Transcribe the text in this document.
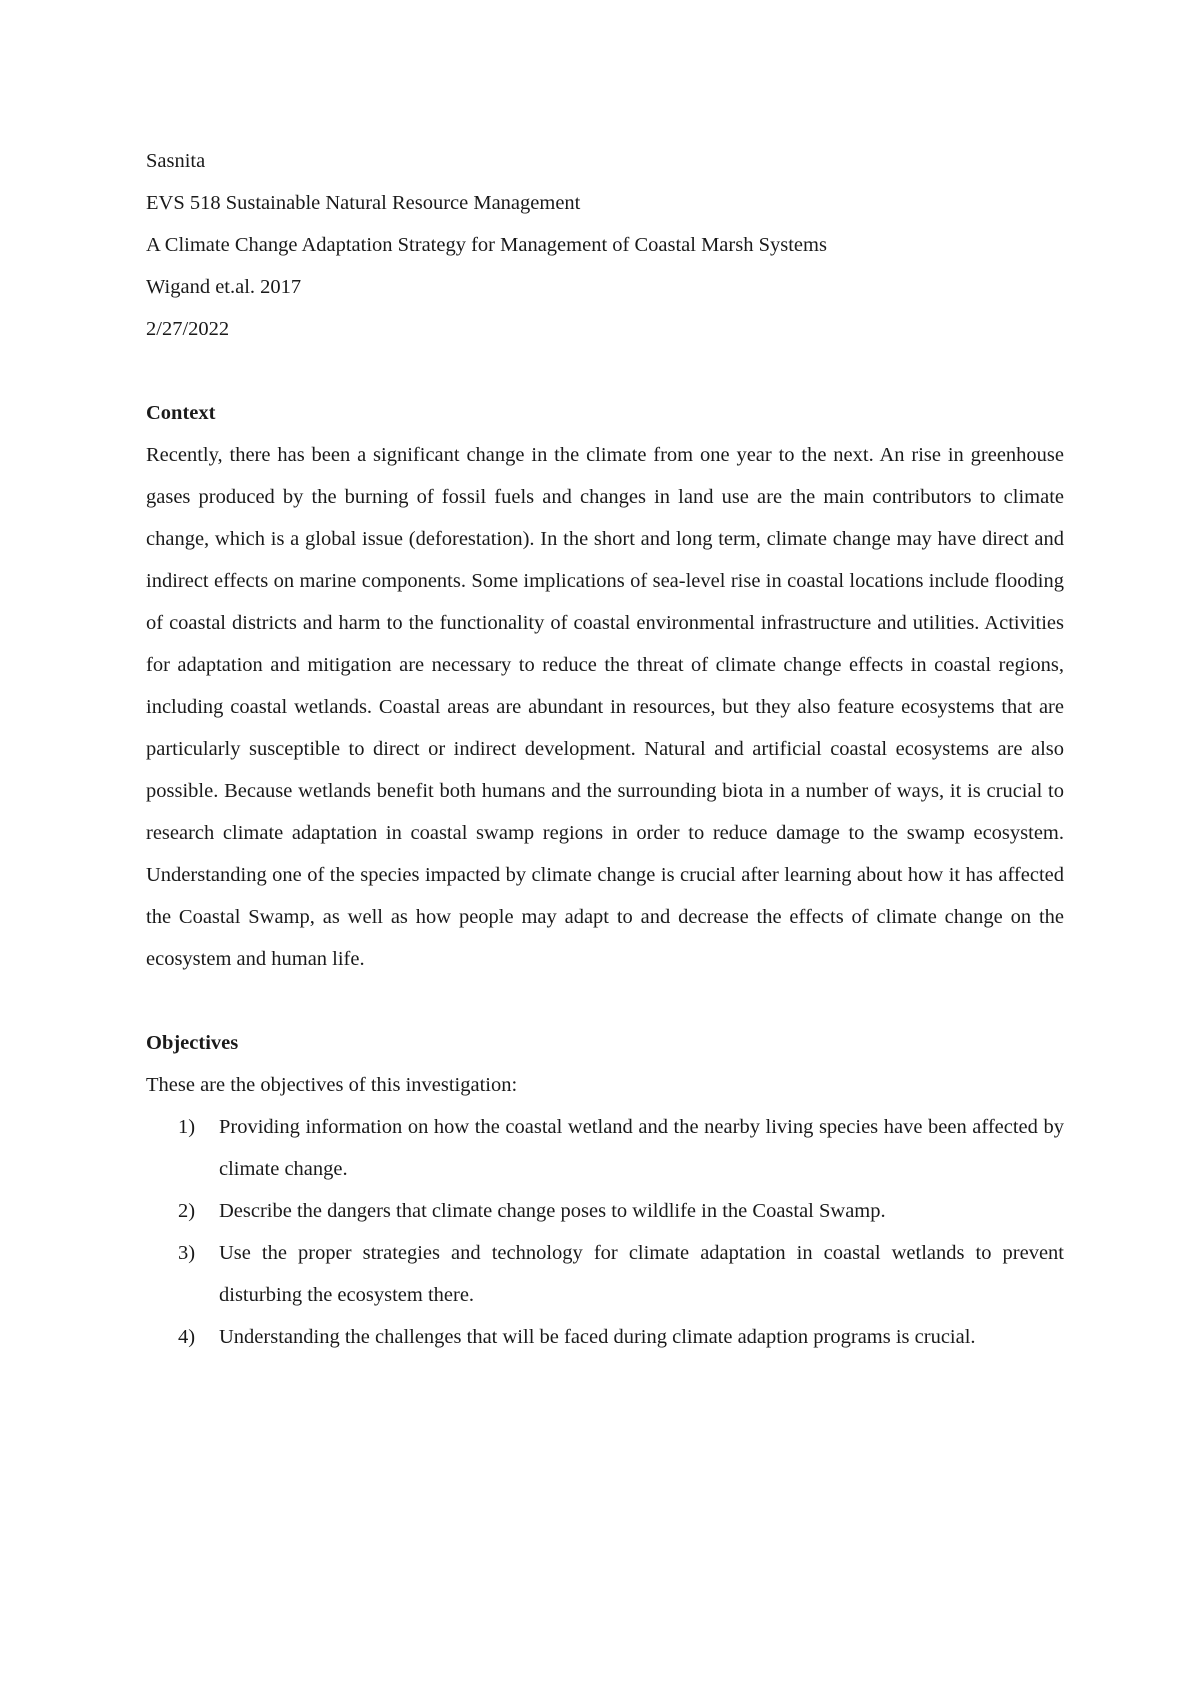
Sasnita
EVS 518 Sustainable Natural Resource Management
A Climate Change Adaptation Strategy for Management of Coastal Marsh Systems
Wigand et.al. 2017
2/27/2022

Context

Recently, there has been a significant change in the climate from one year to the next. An rise in greenhouse gases produced by the burning of fossil fuels and changes in land use are the main contributors to climate change, which is a global issue (deforestation). In the short and long term, climate change may have direct and indirect effects on marine components. Some implications of sea-level rise in coastal locations include flooding of coastal districts and harm to the functionality of coastal environmental infrastructure and utilities. Activities for adaptation and mitigation are necessary to reduce the threat of climate change effects in coastal regions, including coastal wetlands. Coastal areas are abundant in resources, but they also feature ecosystems that are particularly susceptible to direct or indirect development. Natural and artificial coastal ecosystems are also possible. Because wetlands benefit both humans and the surrounding biota in a number of ways, it is crucial to research climate adaptation in coastal swamp regions in order to reduce damage to the swamp ecosystem. Understanding one of the species impacted by climate change is crucial after learning about how it has affected the Coastal Swamp, as well as how people may adapt to and decrease the effects of climate change on the ecosystem and human life.

Objectives

These are the objectives of this investigation:

1) Providing information on how the coastal wetland and the nearby living species have been affected by climate change.
2) Describe the dangers that climate change poses to wildlife in the Coastal Swamp.
3) Use the proper strategies and technology for climate adaptation in coastal wetlands to prevent disturbing the ecosystem there.
4) Understanding the challenges that will be faced during climate adaption programs is crucial.
